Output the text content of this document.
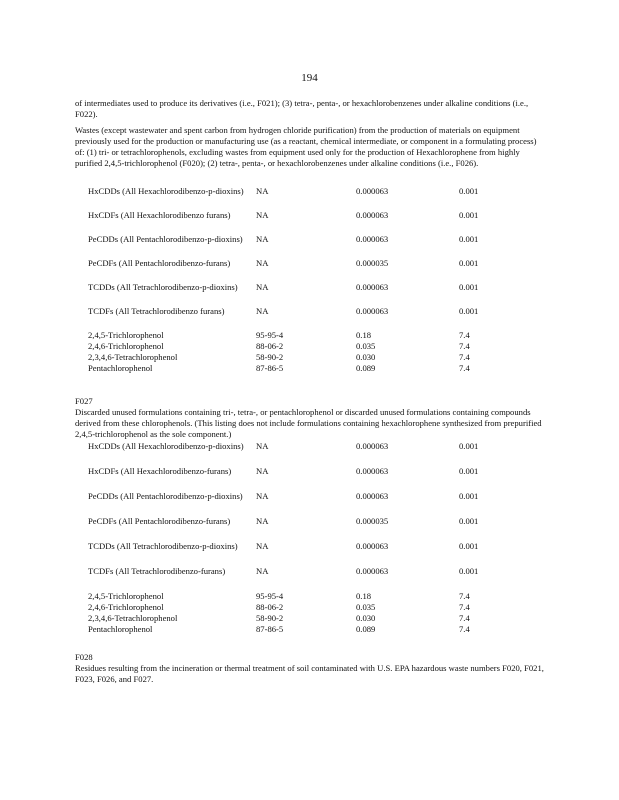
194
of intermediates used to produce its derivatives (i.e., F021); (3) tetra-, penta-, or hexachlorobenzenes under alkaline conditions (i.e., F022).
Wastes (except wastewater and spent carbon from hydrogen chloride purification) from the production of materials on equipment previously used for the production or manufacturing use (as a reactant, chemical intermediate, or component in a formulating process) of: (1) tri- or tetrachlorophenols, excluding wastes from equipment used only for the production of Hexachlorophene from highly purified 2,4,5-trichlorophenol (F020); (2) tetra-, penta-, or hexachlorobenzenes under alkaline conditions (i.e., F026).
HxCDDs (All Hexachlorodibenzo-p-dioxins) NA	0.000063	0.001
HxCDFs (All Hexachlorodibenzo furans)	NA	0.000063	0.001
PeCDDs (All Pentachlorodibenzo-p-dioxins) NA	0.000063	0.001
PeCDFs (All Pentachlorodibenzo-furans)	NA	0.000035	0.001
TCDDs (All Tetrachlorodibenzo-p-dioxins) NA	0.000063	0.001
TCDFs (All Tetrachlorodibenzo furans)	NA	0.000063	0.001
2,4,5-Trichlorophenol	95-95-4	0.18	7.4
2,4,6-Trichlorophenol	88-06-2	0.035	7.4
2,3,4,6-Tetrachlorophenol	58-90-2	0.030	7.4
Pentachlorophenol	87-86-5	0.089	7.4
F027
Discarded unused formulations containing tri-, tetra-, or pentachlorophenol or discarded unused formulations containing compounds derived from these chlorophenols. (This listing does not include formulations containing hexachlorophene synthesized from prepurified 2,4,5-trichlorophenol as the sole component.)
HxCDDs (All Hexachlorodibenzo-p-dioxins) NA	0.000063	0.001
HxCDFs (All Hexachlorodibenzo-furans)	NA	0.000063	0.001
PeCDDs (All Pentachlorodibenzo-p-dioxins) NA	0.000063	0.001
PeCDFs (All Pentachlorodibenzo-furans)	NA	0.000035	0.001
TCDDs (All Tetrachlorodibenzo-p-dioxins) NA	0.000063	0.001
TCDFs (All Tetrachlorodibenzo-furans)	NA	0.000063	0.001
2,4,5-Trichlorophenol	95-95-4	0.18	7.4
2,4,6-Trichlorophenol	88-06-2	0.035	7.4
2,3,4,6-Tetrachlorophenol	58-90-2	0.030	7.4
Pentachlorophenol	87-86-5	0.089	7.4
F028
Residues resulting from the incineration or thermal treatment of soil contaminated with U.S. EPA hazardous waste numbers F020, F021, F023, F026, and F027.
